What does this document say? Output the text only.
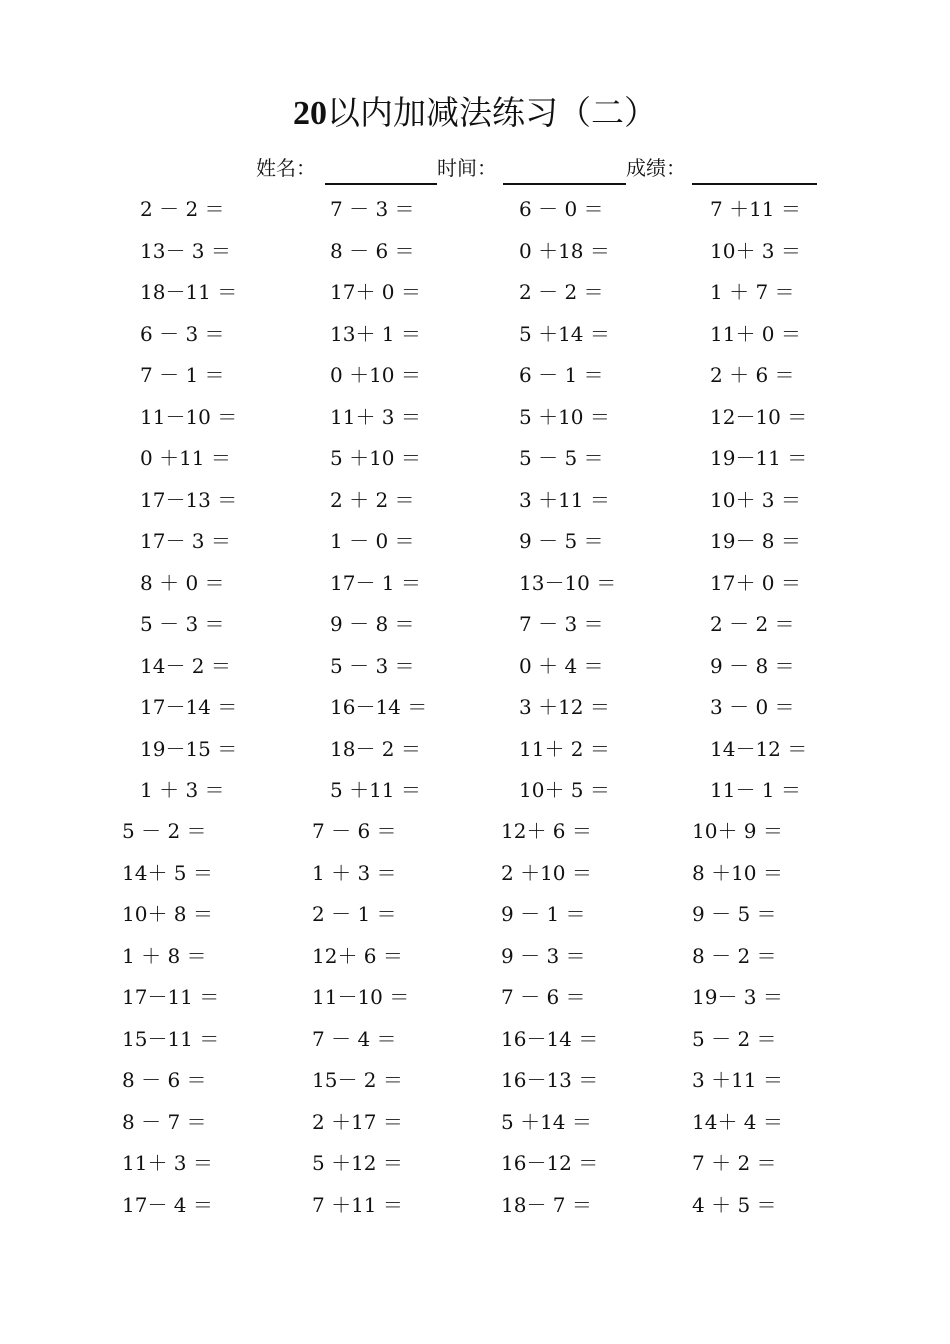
20以内加减法练习（二）
姓名：	时间：	成绩：
2 － 2 ＝	7 － 3 ＝	6 － 0 ＝	7 ＋11 ＝
13－ 3 ＝	8 － 6 ＝	0 ＋18 ＝	10＋ 3 ＝
18－11 ＝	17＋ 0 ＝	2 － 2 ＝	1 ＋ 7 ＝
6 － 3 ＝	13＋ 1 ＝	5 ＋14 ＝	11＋ 0 ＝
7 － 1 ＝	0 ＋10 ＝	6 － 1 ＝	2 ＋ 6 ＝
11－10 ＝	11＋ 3 ＝	5 ＋10 ＝	12－10 ＝
0 ＋11 ＝	5 ＋10 ＝	5 － 5 ＝	19－11 ＝
17－13 ＝	2 ＋ 2 ＝	3 ＋11 ＝	10＋ 3 ＝
17－ 3 ＝	1 － 0 ＝	9 － 5 ＝	19－ 8 ＝
8 ＋ 0 ＝	17－ 1 ＝	13－10 ＝	17＋ 0 ＝
5 － 3 ＝	9 － 8 ＝	7 － 3 ＝	2 － 2 ＝
14－ 2 ＝	5 － 3 ＝	0 ＋ 4 ＝	9 － 8 ＝
17－14 ＝	16－14 ＝	3 ＋12 ＝	3 － 0 ＝
19－15 ＝	18－ 2 ＝	11＋ 2 ＝	14－12 ＝
1 ＋ 3 ＝	5 ＋11 ＝	10＋ 5 ＝	11－ 1 ＝
5 － 2 ＝	7 － 6 ＝	12＋ 6 ＝	10＋ 9 ＝
14＋ 5 ＝	1 ＋ 3 ＝	2 ＋10 ＝	8 ＋10 ＝
10＋ 8 ＝	2 － 1 ＝	9 － 1 ＝	9 － 5 ＝
1 ＋ 8 ＝	12＋ 6 ＝	9 － 3 ＝	8 － 2 ＝
17－11 ＝	11－10 ＝	7 － 6 ＝	19－ 3 ＝
15－11 ＝	7 － 4 ＝	16－14 ＝	5 － 2 ＝
8 － 6 ＝	15－ 2 ＝	16－13 ＝	3 ＋11 ＝
8 － 7 ＝	2 ＋17 ＝	5 ＋14 ＝	14＋ 4 ＝
11＋ 3 ＝	5 ＋12 ＝	16－12 ＝	7 ＋ 2 ＝
17－ 4 ＝	7 ＋11 ＝	18－ 7 ＝	4 ＋ 5 ＝
